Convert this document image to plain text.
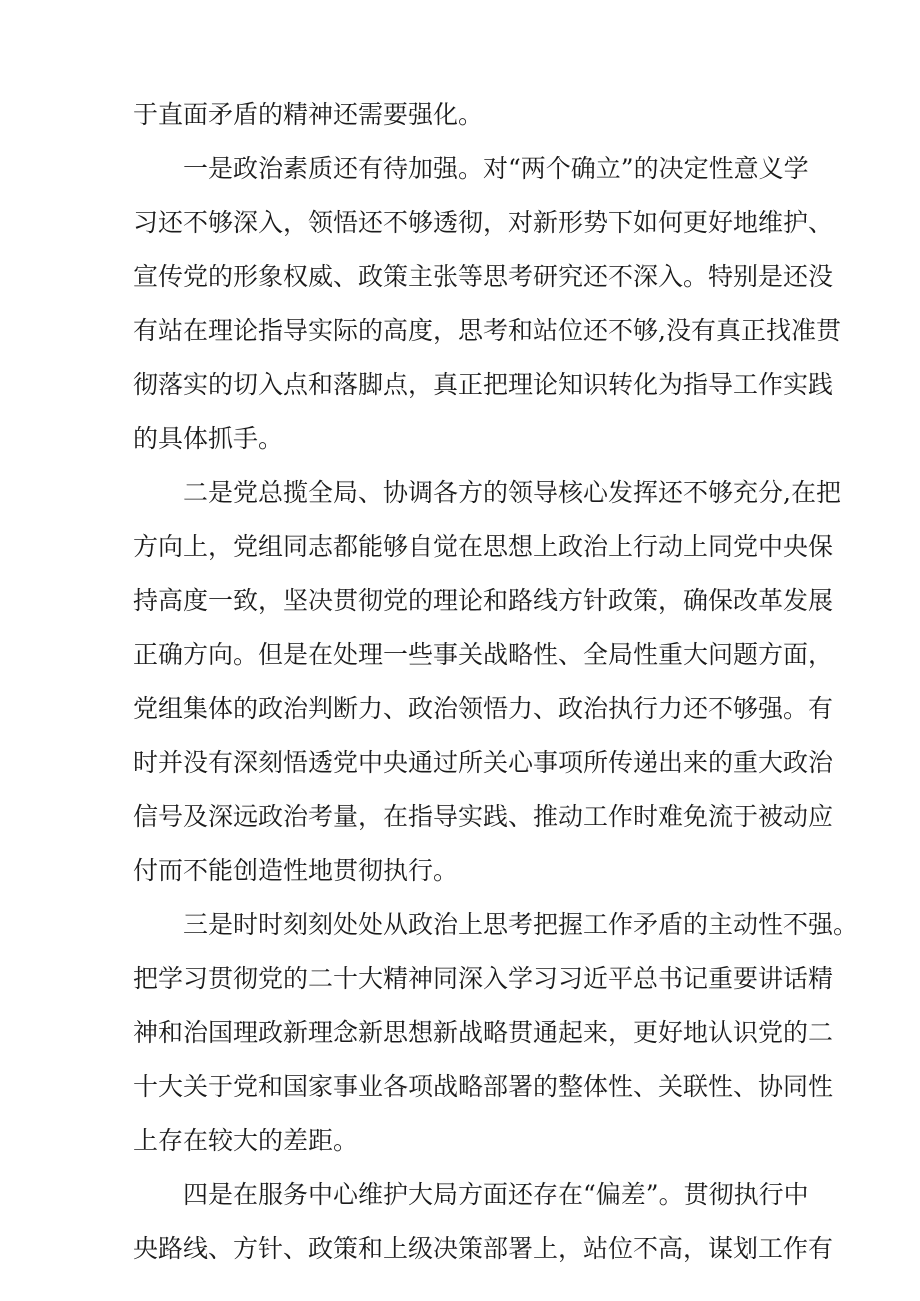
于直面矛盾的精神还需要强化。
一是政治素质还有待加强。对“两个确立”的决定性意义学
习还不够深入，领悟还不够透彻，对新形势下如何更好地维护、
宣传党的形象权威、政策主张等思考研究还不深入。特别是还没
有站在理论指导实际的高度，思考和站位还不够,没有真正找准贯
彻落实的切入点和落脚点，真正把理论知识转化为指导工作实践
的具体抓手。
二是党总揽全局、协调各方的领导核心发挥还不够充分,在把
方向上，党组同志都能够自觉在思想上政治上行动上同党中央保
持高度一致，坚决贯彻党的理论和路线方针政策，确保改革发展
正确方向。但是在处理一些事关战略性、全局性重大问题方面，
党组集体的政治判断力、政治领悟力、政治执行力还不够强。有
时并没有深刻悟透党中央通过所关心事项所传递出来的重大政治
信号及深远政治考量，在指导实践、推动工作时难免流于被动应
付而不能创造性地贯彻执行。
三是时时刻刻处处从政治上思考把握工作矛盾的主动性不强。
把学习贯彻党的二十大精神同深入学习习近平总书记重要讲话精
神和治国理政新理念新思想新战略贯通起来，更好地认识党的二
十大关于党和国家事业各项战略部署的整体性、关联性、协同性
上存在较大的差距。
四是在服务中心维护大局方面还存在“偏差”。贯彻执行中
央路线、方针、政策和上级决策部署上，站位不高，谋划工作有
